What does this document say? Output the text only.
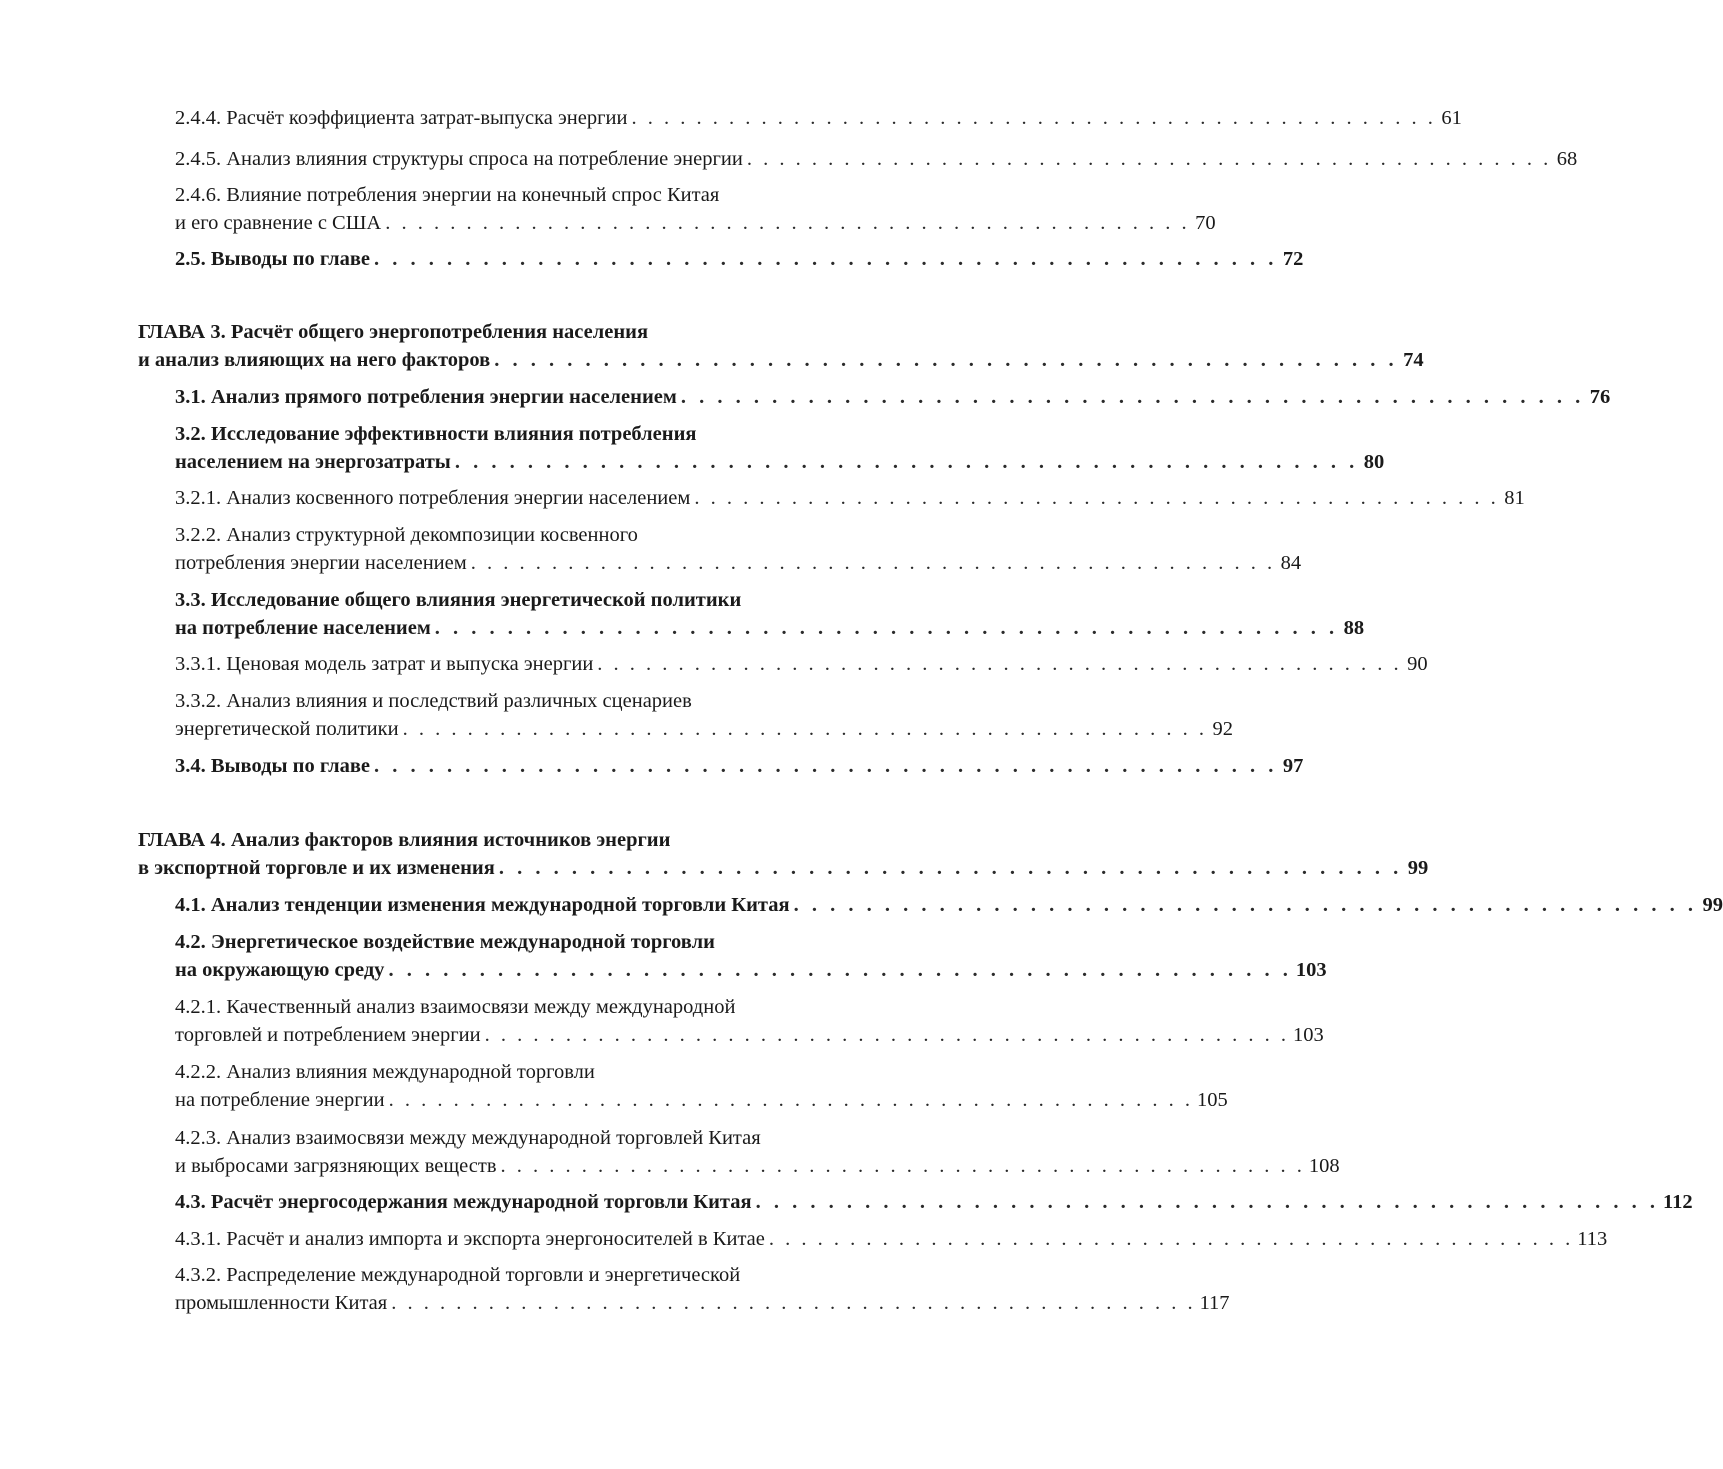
2.4.4. Расчёт коэффициента затрат-выпуска энергии . . . . . . . . . . . . . . . . . . . . . . . . . . . . . . . . . . . . . . . . . . . . . . . . . . 61
2.4.5. Анализ влияния структуры спроса на потребление энергии . . . . . . . . . . . . . . . . . . . . . . . . . . . . . . . . . . . . . . . . . . . . . . . . . . 68
2.4.6. Влияние потребления энергии на конечный спрос Китая
и его сравнение с США . . . . . . . . . . . . . . . . . . . . . . . . . . . . . . . . . . . . . . . . . . . . . . . . . . 70
2.5. Выводы по главе . . . . . . . . . . . . . . . . . . . . . . . . . . . . . . . . . . . . . . . . . . . . . . . . . . 72
ГЛАВА 3. Расчёт общего энергопотребления населения
и анализ влияющих на него факторов . . . . . . . . . . . . . . . . . . . . . . . . . . . . . . . . . . . . . . . . . . . . . . . . . . 74
3.1. Анализ прямого потребления энергии населением . . . . . . . . . . . . . . . . . . . . . . . . . . . . . . . . . . . . . . . . . . . . . . . . . . 76
3.2. Исследование эффективности влияния потребления
населением на энергозатраты . . . . . . . . . . . . . . . . . . . . . . . . . . . . . . . . . . . . . . . . . . . . . . . . . . 80
3.2.1. Анализ косвенного потребления энергии населением . . . . . . . . . . . . . . . . . . . . . . . . . . . . . . . . . . . . . . . . . . . . . . . . . . 81
3.2.2. Анализ структурной декомпозиции косвенного
потребления энергии населением . . . . . . . . . . . . . . . . . . . . . . . . . . . . . . . . . . . . . . . . . . . . . . . . . . 84
3.3. Исследование общего влияния энергетической политики
на потребление населением . . . . . . . . . . . . . . . . . . . . . . . . . . . . . . . . . . . . . . . . . . . . . . . . . . 88
3.3.1. Ценовая модель затрат и выпуска энергии . . . . . . . . . . . . . . . . . . . . . . . . . . . . . . . . . . . . . . . . . . . . . . . . . . 90
3.3.2. Анализ влияния и последствий различных сценариев
энергетической политики . . . . . . . . . . . . . . . . . . . . . . . . . . . . . . . . . . . . . . . . . . . . . . . . . . 92
3.4. Выводы по главе . . . . . . . . . . . . . . . . . . . . . . . . . . . . . . . . . . . . . . . . . . . . . . . . . . 97
ГЛАВА 4. Анализ факторов влияния источников энергии
в экспортной торговле и их изменения . . . . . . . . . . . . . . . . . . . . . . . . . . . . . . . . . . . . . . . . . . . . . . . . . . 99
4.1. Анализ тенденции изменения международной торговли Китая . . . . . . . . . . . . . . . . . . . . . . . . . . . . . . . . . . . . . . . . . . . . . . . . . . 99
4.2. Энергетическое воздействие международной торговли
на окружающую среду . . . . . . . . . . . . . . . . . . . . . . . . . . . . . . . . . . . . . . . . . . . . . . . . . . 103
4.2.1. Качественный анализ взаимосвязи между международной
торговлей и потреблением энергии . . . . . . . . . . . . . . . . . . . . . . . . . . . . . . . . . . . . . . . . . . . . . . . . . . 103
4.2.2. Анализ влияния международной торговли
на потребление энергии . . . . . . . . . . . . . . . . . . . . . . . . . . . . . . . . . . . . . . . . . . . . . . . . . . 105
4.2.3. Анализ взаимосвязи между международной торговлей Китая
и выбросами загрязняющих веществ . . . . . . . . . . . . . . . . . . . . . . . . . . . . . . . . . . . . . . . . . . . . . . . . . . 108
4.3. Расчёт энергосодержания международной торговли Китая . . . . . . . . . . . . . . . . . . . . . . . . . . . . . . . . . . . . . . . . . . . . . . . . . . 112
4.3.1. Расчёт и анализ импорта и экспорта энергоносителей в Китае . . . . . . . . . . . . . . . . . . . . . . . . . . . . . . . . . . . . . . . . . . . . . . . . . . 113
4.3.2. Распределение международной торговли и энергетической
промышленности Китая . . . . . . . . . . . . . . . . . . . . . . . . . . . . . . . . . . . . . . . . . . . . . . . . . . 117
